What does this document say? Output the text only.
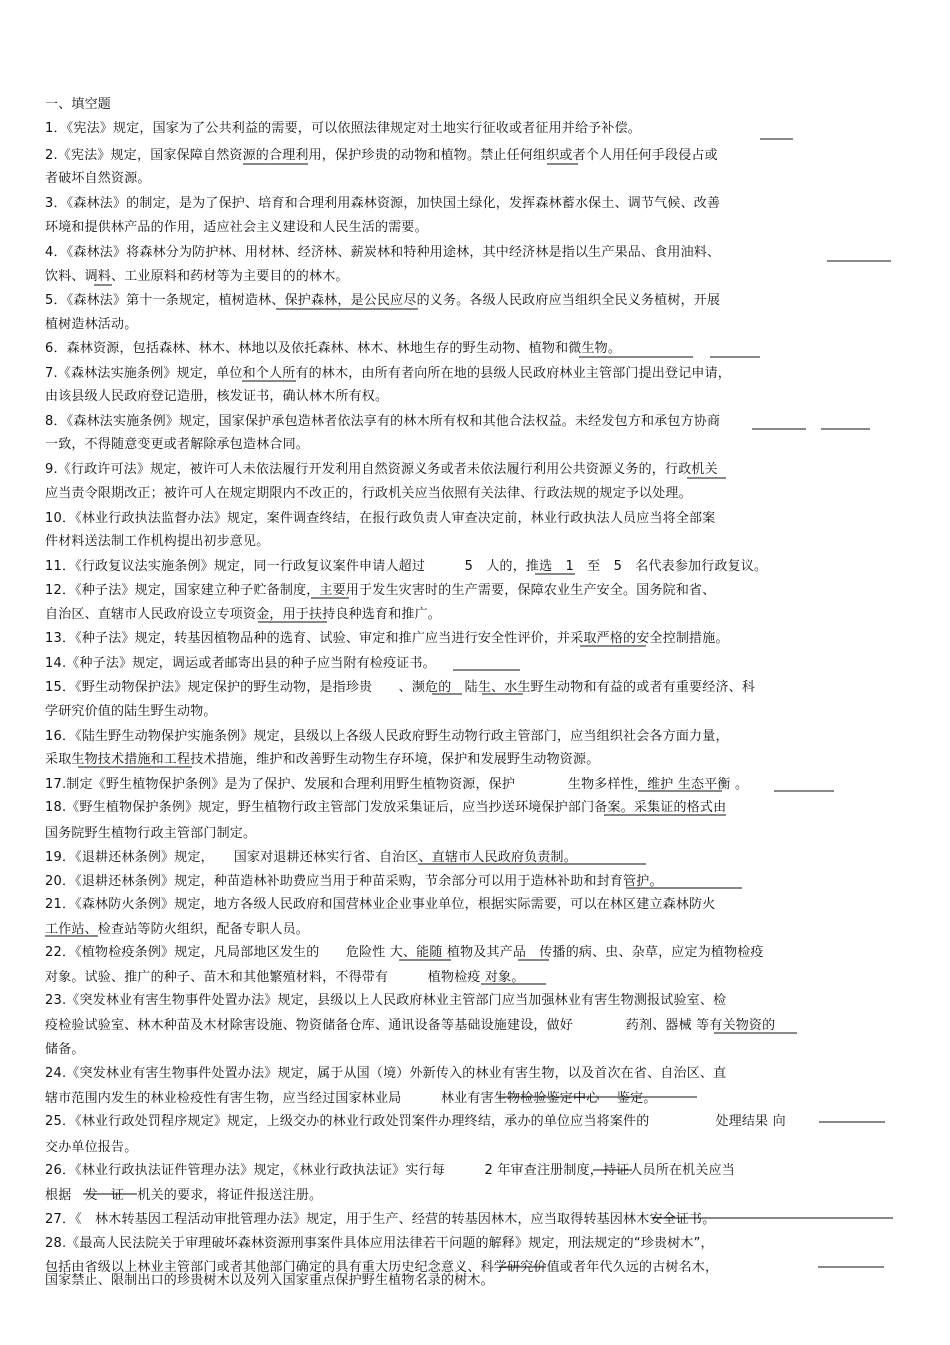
一、填空题
1．《宪法》规定，国家为了公共利益的需要，可以依照法律规定对土地实行征收或者征用并给予补偿。
2.《宪法》规定，国家保障自然资源的合理利用，保护珍贵的动物和植物。禁止任何组织或者个人用任何手段侵占或
者破坏自然资源。
3．《森林法》的制定，是为了保护、培育和合理利用森林资源，加快国土绿化，发挥森林蓄水保土、调节气候、改善
环境和提供林产品的作用，适应社会主义建设和人民生活的需要。
4．《森林法》将森林分为防护林、用材林、经济林、薪炭林和特种用途林，其中经济林是指以生产果品、食用油料、
饮料、调料、工业原料和药材等为主要目的的林木。
5．《森林法》第十一条规定，植树造林、保护森林，是公民应尽的义务。各级人民政府应当组织全民义务植树，开展
植树造林活动。
6．森林资源，包括森林、林木、林地以及依托森林、林木、林地生存的野生动物、植物和微生物。
7.《森林法实施条例》规定，单位和个人所有的林木，由所有者向所在地的县级人民政府林业主管部门提出登记申请，
由该县级人民政府登记造册，核发证书，确认林木所有权。
8．《森林法实施条例》规定，国家保护承包造林者依法享有的林木所有权和其他合法权益。未经发包方和承包方协商
一致，不得随意变更或者解除承包造林合同。
9.《行政许可法》规定，被许可人未依法履行开发利用自然资源义务或者未依法履行利用公共资源义务的，行政机关
应当责令限期改正；被许可人在规定期限内不改正的，行政机关应当依照有关法律、行政法规的规定予以处理。
10．《林业行政执法监督办法》规定，案件调查终结，在报行政负责人审查决定前，林业行政执法人员应当将全部案
件材料送法制工作机构提出初步意见。
11．《行政复议法实施条例》规定，同一行政复议案件申请人超过　　　5　人的，推选　1　至　5　名代表参加行政复议。
12．《种子法》规定，国家建立种子贮备制度，主要用于发生灾害时的生产需要，保障农业生产安全。国务院和省、
自治区、直辖市人民政府设立专项资金，用于扶持良种选育和推广。
13．《种子法》规定，转基因植物品种的选育、试验、审定和推广应当进行安全性评价，并采取严格的安全控制措施。
14.《种子法》规定，调运或者邮寄出县的种子应当附有检疫证书。
15．《野生动物保护法》规定保护的野生动物，是指珍贵　　、濒危的　陆生、水生野生动物和有益的或者有重要经济、科
学研究价值的陆生野生动物。
16．《陆生野生动物保护实施条例》规定，县级以上各级人民政府野生动物行政主管部门，应当组织社会各方面力量，
采取生物技术措施和工程技术措施，维护和改善野生动物生存环境，保护和发展野生动物资源。
17.制定《野生植物保护条例》是为了保护、发展和合理利用野生植物资源，保护　　　　生物多样性，维护 生态平衡 。
18.《野生植物保护条例》规定，野生植物行政主管部门发放采集证后，应当抄送环境保护部门备案。采集证的格式由
国务院野生植物行政主管部门制定。
19．《退耕还林条例》规定，　　国家对退耕还林实行省、自治区、直辖市人民政府负责制。
20．《退耕还林条例》规定，种苗造林补助费应当用于种苗采购，节余部分可以用于造林补助和封育管护。
21．《森林防火条例》规定，地方各级人民政府和国营林业企业事业单位，根据实际需要，可以在林区建立森林防火
工作站、检查站等防火组织，配备专职人员。
22．《植物检疫条例》规定，凡局部地区发生的　　危险性 大、能随 植物及其产品　传播的病、虫、杂草，应定为植物检疫
对象。试验、推广的种子、苗木和其他繁殖材料，不得带有　　　植物检疫 对象。
23.《突发林业有害生物事件处置办法》规定，县级以上人民政府林业主管部门应当加强林业有害生物测报试验室、检
疫检验试验室、林木种苗及木材除害设施、物资储备仓库、通讯设备等基础设施建设，做好　　　　药剂、器械 等有关物资的
储备。
24.《突发林业有害生物事件处置办法》规定，属于从国（境）外新传入的林业有害生物，以及首次在省、自治区、直
辖市范围内发生的林业检疫性有害生物，应当经过国家林业局　　　林业有害生物检验鉴定中心　 鉴定。
25．《林业行政处罚程序规定》规定，上级交办的林业行政处罚案件办理终结，承办的单位应当将案件的　　　　　处理结果 向
交办单位报告。
26．《林业行政执法证件管理办法》规定，《林业行政执法证》实行每　　　2 年审查注册制度，持证人员所在机关应当
根据　发　证　机关的要求，将证件报送注册。
27．《　林木转基因工程活动审批管理办法》规定，用于生产、经营的转基因林木，应当取得转基因林木安全证书。
28.《最高人民法院关于审理破坏森林资源刑事案件具体应用法律若干问题的解释》规定，刑法规定的“珍贵树木”，
包括由省级以上林业主管部门或者其他部门确定的具有重大历史纪念意义、科学研究价值或者年代久远的古树名木，
国家禁止、限制出口的珍贵树木以及列入国家重点保护野生植物名录的树木。
